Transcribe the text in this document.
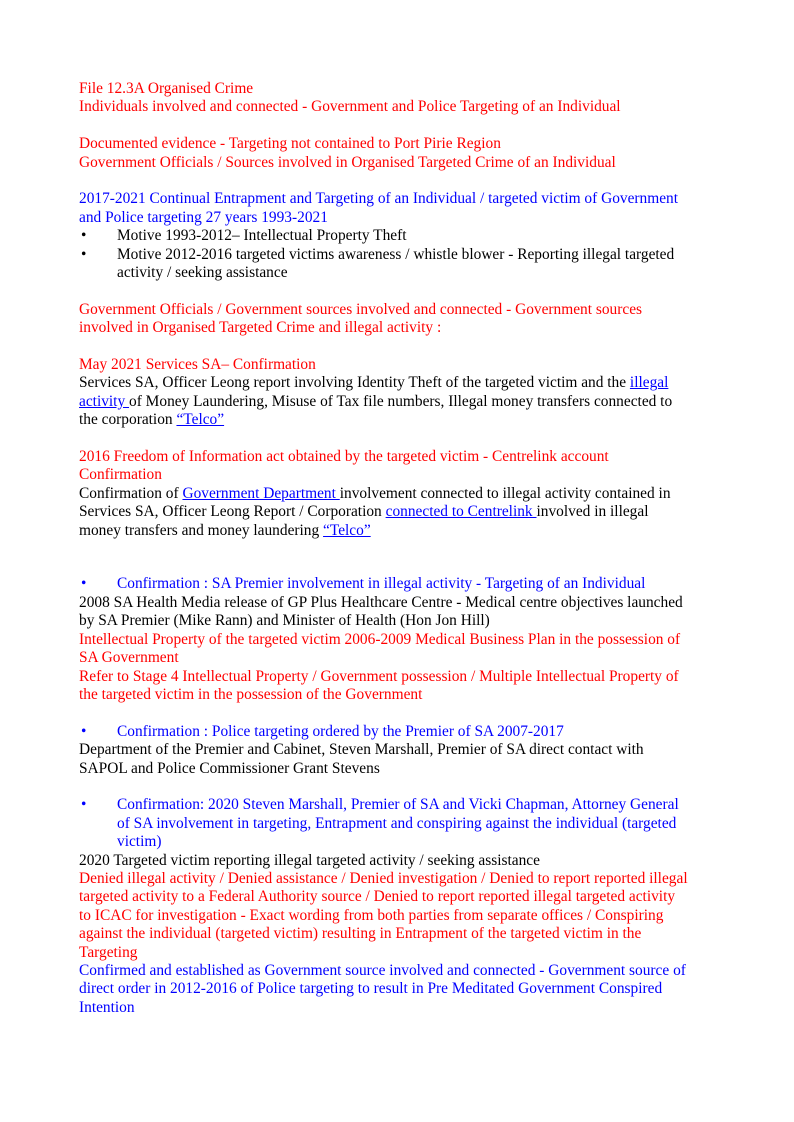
File 12.3A Organised Crime
Individuals involved and connected - Government and Police Targeting of an Individual
Documented evidence - Targeting not contained to Port Pirie Region
Government Officials / Sources involved in Organised Targeted Crime of an Individual
2017-2021 Continual Entrapment and Targeting of an Individual / targeted victim of Government
and Police targeting 27 years 1993-2021
• Motive 1993-2012– Intellectual Property Theft
• Motive 2012-2016 targeted victims awareness / whistle blower - Reporting illegal targeted
activity / seeking assistance
Government Officials / Government sources involved and connected - Government sources
involved in Organised Targeted Crime and illegal activity :
May 2021 Services SA– Confirmation
Services SA, Officer Leong report involving Identity Theft of the targeted victim and the illegal
activity of Money Laundering, Misuse of Tax file numbers, Illegal money transfers connected to
the corporation “Telco”
2016 Freedom of Information act obtained by the targeted victim - Centrelink account
Confirmation
Confirmation of Government Department involvement connected to illegal activity contained in
Services SA, Officer Leong Report / Corporation connected to Centrelink involved in illegal
money transfers and money laundering “Telco”
• Confirmation : SA Premier involvement in illegal activity - Targeting of an Individual
2008 SA Health Media release of GP Plus Healthcare Centre - Medical centre objectives launched
by SA Premier (Mike Rann) and Minister of Health (Hon Jon Hill)
Intellectual Property of the targeted victim 2006-2009 Medical Business Plan in the possession of
SA Government
Refer to Stage 4 Intellectual Property / Government possession / Multiple Intellectual Property of
the targeted victim in the possession of the Government
• Confirmation : Police targeting ordered by the Premier of SA 2007-2017
Department of the Premier and Cabinet, Steven Marshall, Premier of SA direct contact with
SAPOL and Police Commissioner Grant Stevens
• Confirmation: 2020 Steven Marshall, Premier of SA and Vicki Chapman, Attorney General
of SA involvement in targeting, Entrapment and conspiring against the individual (targeted
victim)
2020 Targeted victim reporting illegal targeted activity / seeking assistance
Denied illegal activity / Denied assistance / Denied investigation / Denied to report reported illegal
targeted activity to a Federal Authority source / Denied to report reported illegal targeted activity
to ICAC for investigation - Exact wording from both parties from separate offices / Conspiring
against the individual (targeted victim) resulting in Entrapment of the targeted victim in the
Targeting
Confirmed and established as Government source involved and connected - Government source of
direct order in 2012-2016 of Police targeting to result in Pre Meditated Government Conspired
Intention
